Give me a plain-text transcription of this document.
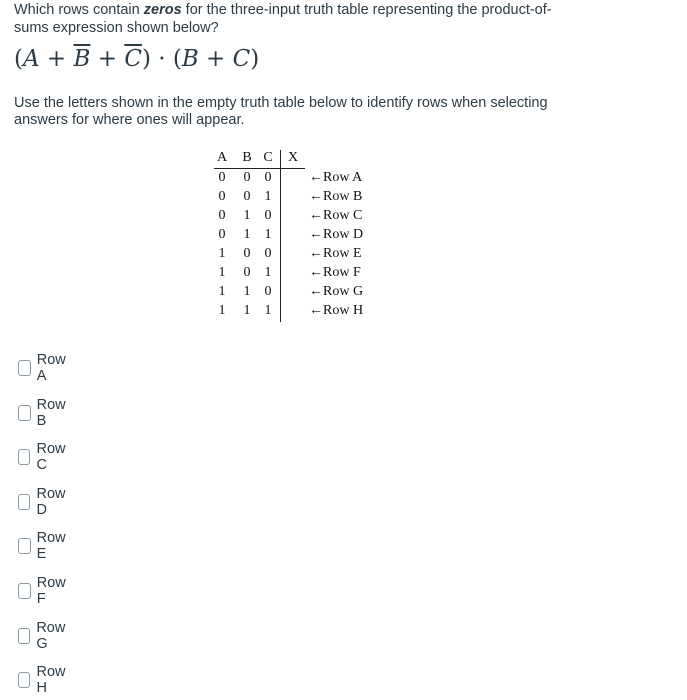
Which rows contain zeros for the three-input truth table representing the product-of-sums expression shown below?
$(A + \overline{B} + \overline{C}) \cdot (B + C)$
Use the letters shown in the empty truth table below to identify rows when selecting answers for where ones will appear.
A B C X
0 0 0	←Row A
0 0 1	←Row B
0 1 0	←Row C
0 1 1	←Row D
1 0 0	←Row E
1 0 1	←Row F
1 1 0	←Row G
1 1 1	←Row H
Row A
Row B
Row C
Row D
Row E
Row F
Row G
Row H
